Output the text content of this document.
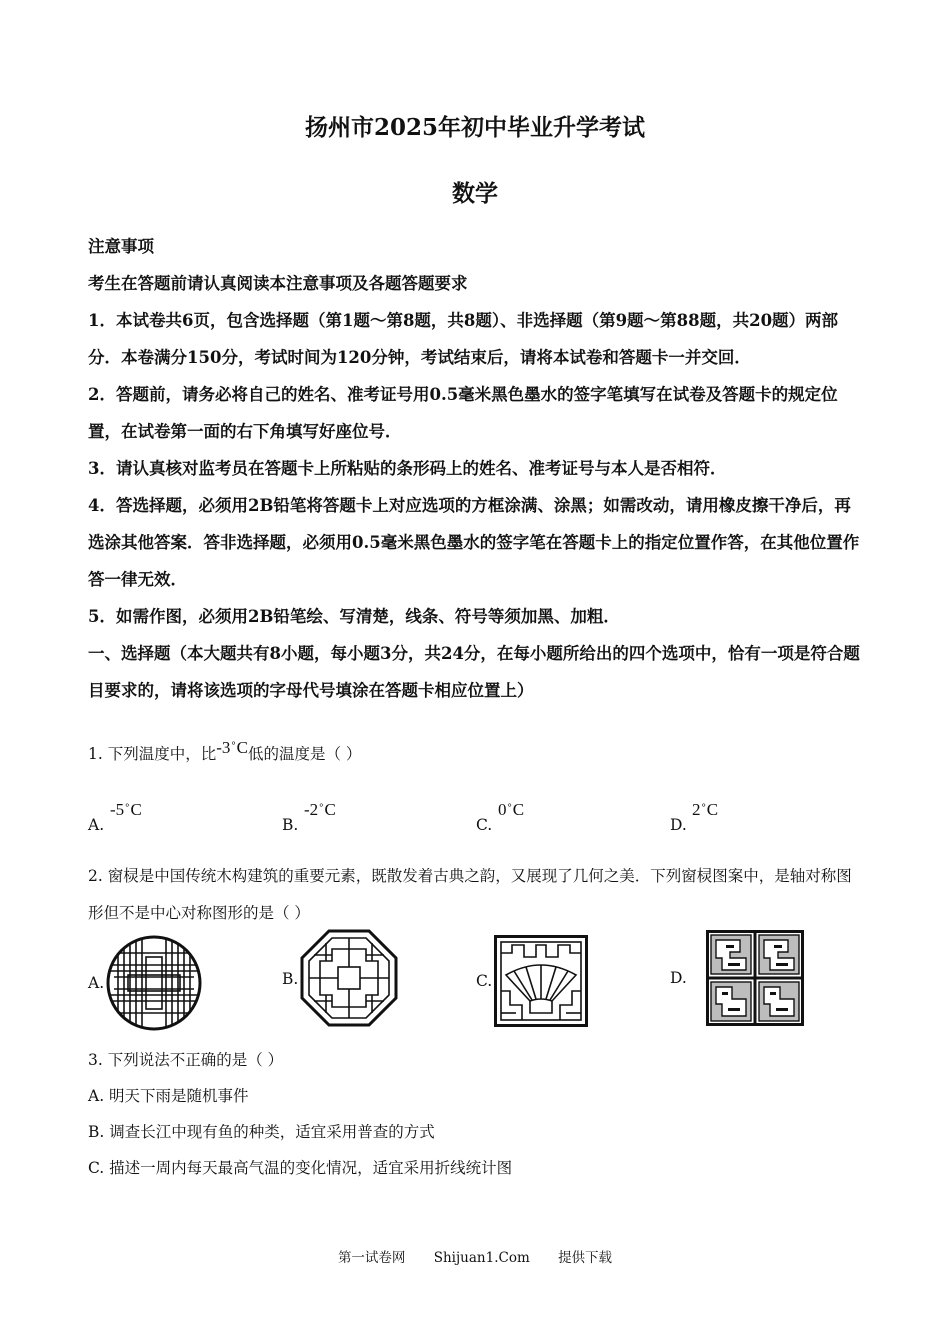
扬州市2025年初中毕业升学考试
数学

注意事项

考生在答题前请认真阅读本注意事项及各题答题要求

1．本试卷共6页，包含选择题（第1题～第8题，共8题）、非选择题（第9题～第88题，共20题）两部分．本卷满分150分，考试时间为120分钟，考试结束后，请将本试卷和答题卡一并交回．

2．答题前，请务必将自己的姓名、准考证号用0.5毫米黑色墨水的签字笔填写在试卷及答题卡的规定位置，在试卷第一面的右下角填写好座位号．

3．请认真核对监考员在答题卡上所粘贴的条形码上的姓名、准考证号与本人是否相符．

4．答选择题，必须用2B铅笔将答题卡上对应选项的方框涂满、涂黑；如需改动，请用橡皮擦干净后，再选涂其他答案．答非选择题，必须用0.5毫米黑色墨水的签字笔在答题卡上的指定位置作答，在其他位置作答一律无效．

5．如需作图，必须用2B铅笔绘、写清楚，线条、符号等须加黑、加粗．

一、选择题（本大题共有8小题，每小题3分，共24分，在每小题所给出的四个选项中，恰有一项是符合题目要求的，请将该选项的字母代号填涂在答题卡相应位置上）

1. 下列温度中，比-3∘C低的温度是（ ）
A.
-5∘C
B.
-2∘C
C.
0∘C
D.
2∘C
2. 窗棂是中国传统木构建筑的重要元素，既散发着古典之韵，又展现了几何之美．下列窗棂图案中，是轴对称图形但不是中心对称图形的是（ ）
A.	B.	C.	D.

3. 下列说法不正确的是（ ）

A. 明天下雨是随机事件

B. 调查长江中现有鱼的种类，适宜采用普查的方式

C. 描述一周内每天最高气温的变化情况，适宜采用折线统计图

第一试卷网 Shijuan1.Com 提供下载
